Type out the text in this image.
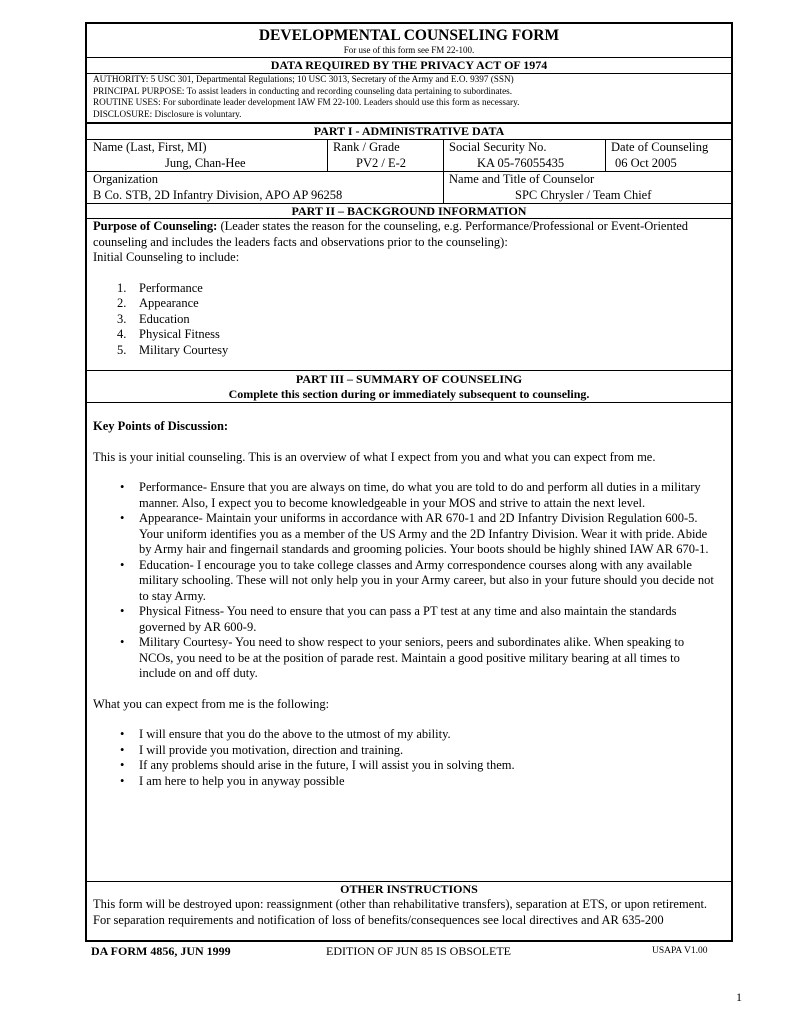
DEVELOPMENTAL COUNSELING FORM
For use of this form see FM 22-100.
DATA REQUIRED BY THE PRIVACY ACT OF 1974
AUTHORITY: 5 USC 301, Departmental Regulations; 10 USC 3013, Secretary of the Army and E.O. 9397 (SSN)
PRINCIPAL PURPOSE: To assist leaders in conducting and recording counseling data pertaining to subordinates.
ROUTINE USES: For subordinate leader development IAW FM 22-100. Leaders should use this form as necessary.
DISCLOSURE: Disclosure is voluntary.
PART I - ADMINISTRATIVE DATA
Name (Last, First, MI)
Jung, Chan-Hee
Rank / Grade
PV2 / E-2
Social Security No.
KA 05-76055435
Date of Counseling
06 Oct 2005
Organization
B Co. STB, 2D Infantry Division, APO AP 96258
Name and Title of Counselor
SPC Chrysler / Team Chief
PART II – BACKGROUND INFORMATION
Purpose of Counseling: (Leader states the reason for the counseling, e.g. Performance/Professional or Event-Oriented counseling and includes the leaders facts and observations prior to the counseling):
Initial Counseling to include:
1. Performance
2. Appearance
3. Education
4. Physical Fitness
5. Military Courtesy
PART III – SUMMARY OF COUNSELING
Complete this section during or immediately subsequent to counseling.
Key Points of Discussion:
This is your initial counseling. This is an overview of what I expect from you and what you can expect from me.
• Performance- Ensure that you are always on time, do what you are told to do and perform all duties in a military manner. Also, I expect you to become knowledgeable in your MOS and strive to attain the next level.
• Appearance- Maintain your uniforms in accordance with AR 670-1 and 2D Infantry Division Regulation 600-5. Your uniform identifies you as a member of the US Army and the 2D Infantry Division. Wear it with pride. Abide by Army hair and fingernail standards and grooming policies. Your boots should be highly shined IAW AR 670-1.
• Education- I encourage you to take college classes and Army correspondence courses along with any available military schooling. These will not only help you in your Army career, but also in your future should you decide not to stay Army.
• Physical Fitness- You need to ensure that you can pass a PT test at any time and also maintain the standards governed by AR 600-9.
• Military Courtesy- You need to show respect to your seniors, peers and subordinates alike. When speaking to NCOs, you need to be at the position of parade rest. Maintain a good positive military bearing at all times to include on and off duty.
What you can expect from me is the following:
• I will ensure that you do the above to the utmost of my ability.
• I will provide you motivation, direction and training.
• If any problems should arise in the future, I will assist you in solving them.
• I am here to help you in anyway possible
OTHER INSTRUCTIONS
This form will be destroyed upon: reassignment (other than rehabilitative transfers), separation at ETS, or upon retirement. For separation requirements and notification of loss of benefits/consequences see local directives and AR 635-200
DA FORM 4856, JUN 1999	EDITION OF JUN 85 IS OBSOLETE	USAPA V1.00
1
